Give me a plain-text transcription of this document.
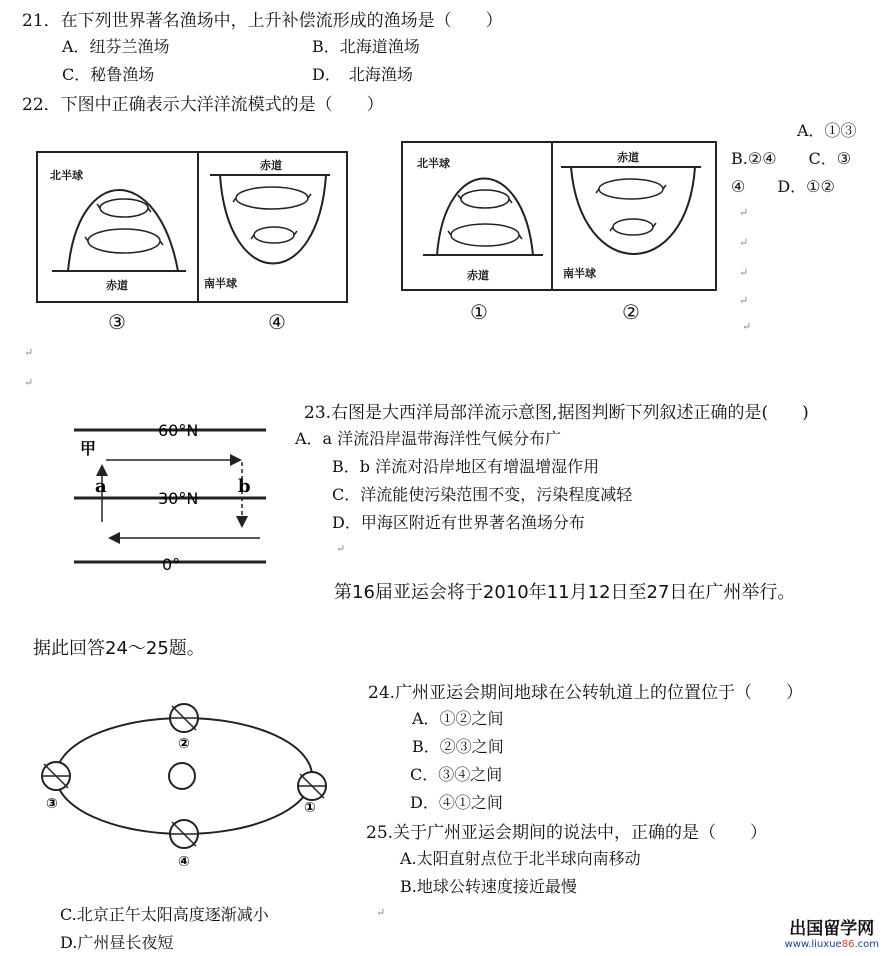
21．在下列世界著名渔场中，上升补偿流形成的渔场是（　　）
A．纽芬兰渔场	B．北海道渔场
C．秘鲁渔场	D．　北海渔场
22．下图中正确表示大洋洋流模式的是（　　）
A．①③
B.②④　　C．③
④　　D．①②
北半球
赤道
赤道
南半球
③	④
北半球
赤道
赤道
南半球
①	②
↵
↵
↵
↵
↵
↵
↵
60°N
30°N
0°
甲
a	b
23.右图是大西洋局部洋流示意图,据图判断下列叙述正确的是(　　)
A．a 洋流沿岸温带海洋性气候分布广
B．b 洋流对沿岸地区有增温增湿作用
C．洋流能使污染范围不变，污染程度减轻
D．甲海区附近有世界著名渔场分布
↵
第16届亚运会将于2010年11月12日至27日在广州举行。
据此回答24～25题。
②
③	①
④
24.广州亚运会期间地球在公转轨道上的位置位于（　　）
A．①②之间
B．②③之间
C．③④之间
D．④①之间
25.关于广州亚运会期间的说法中，正确的是（　　）
A.太阳直射点位于北半球向南移动
B.地球公转速度接近最慢
C.北京正午太阳高度逐渐减小
D.广州昼长夜短
↵
出国留学网
www.liuxue86.com
